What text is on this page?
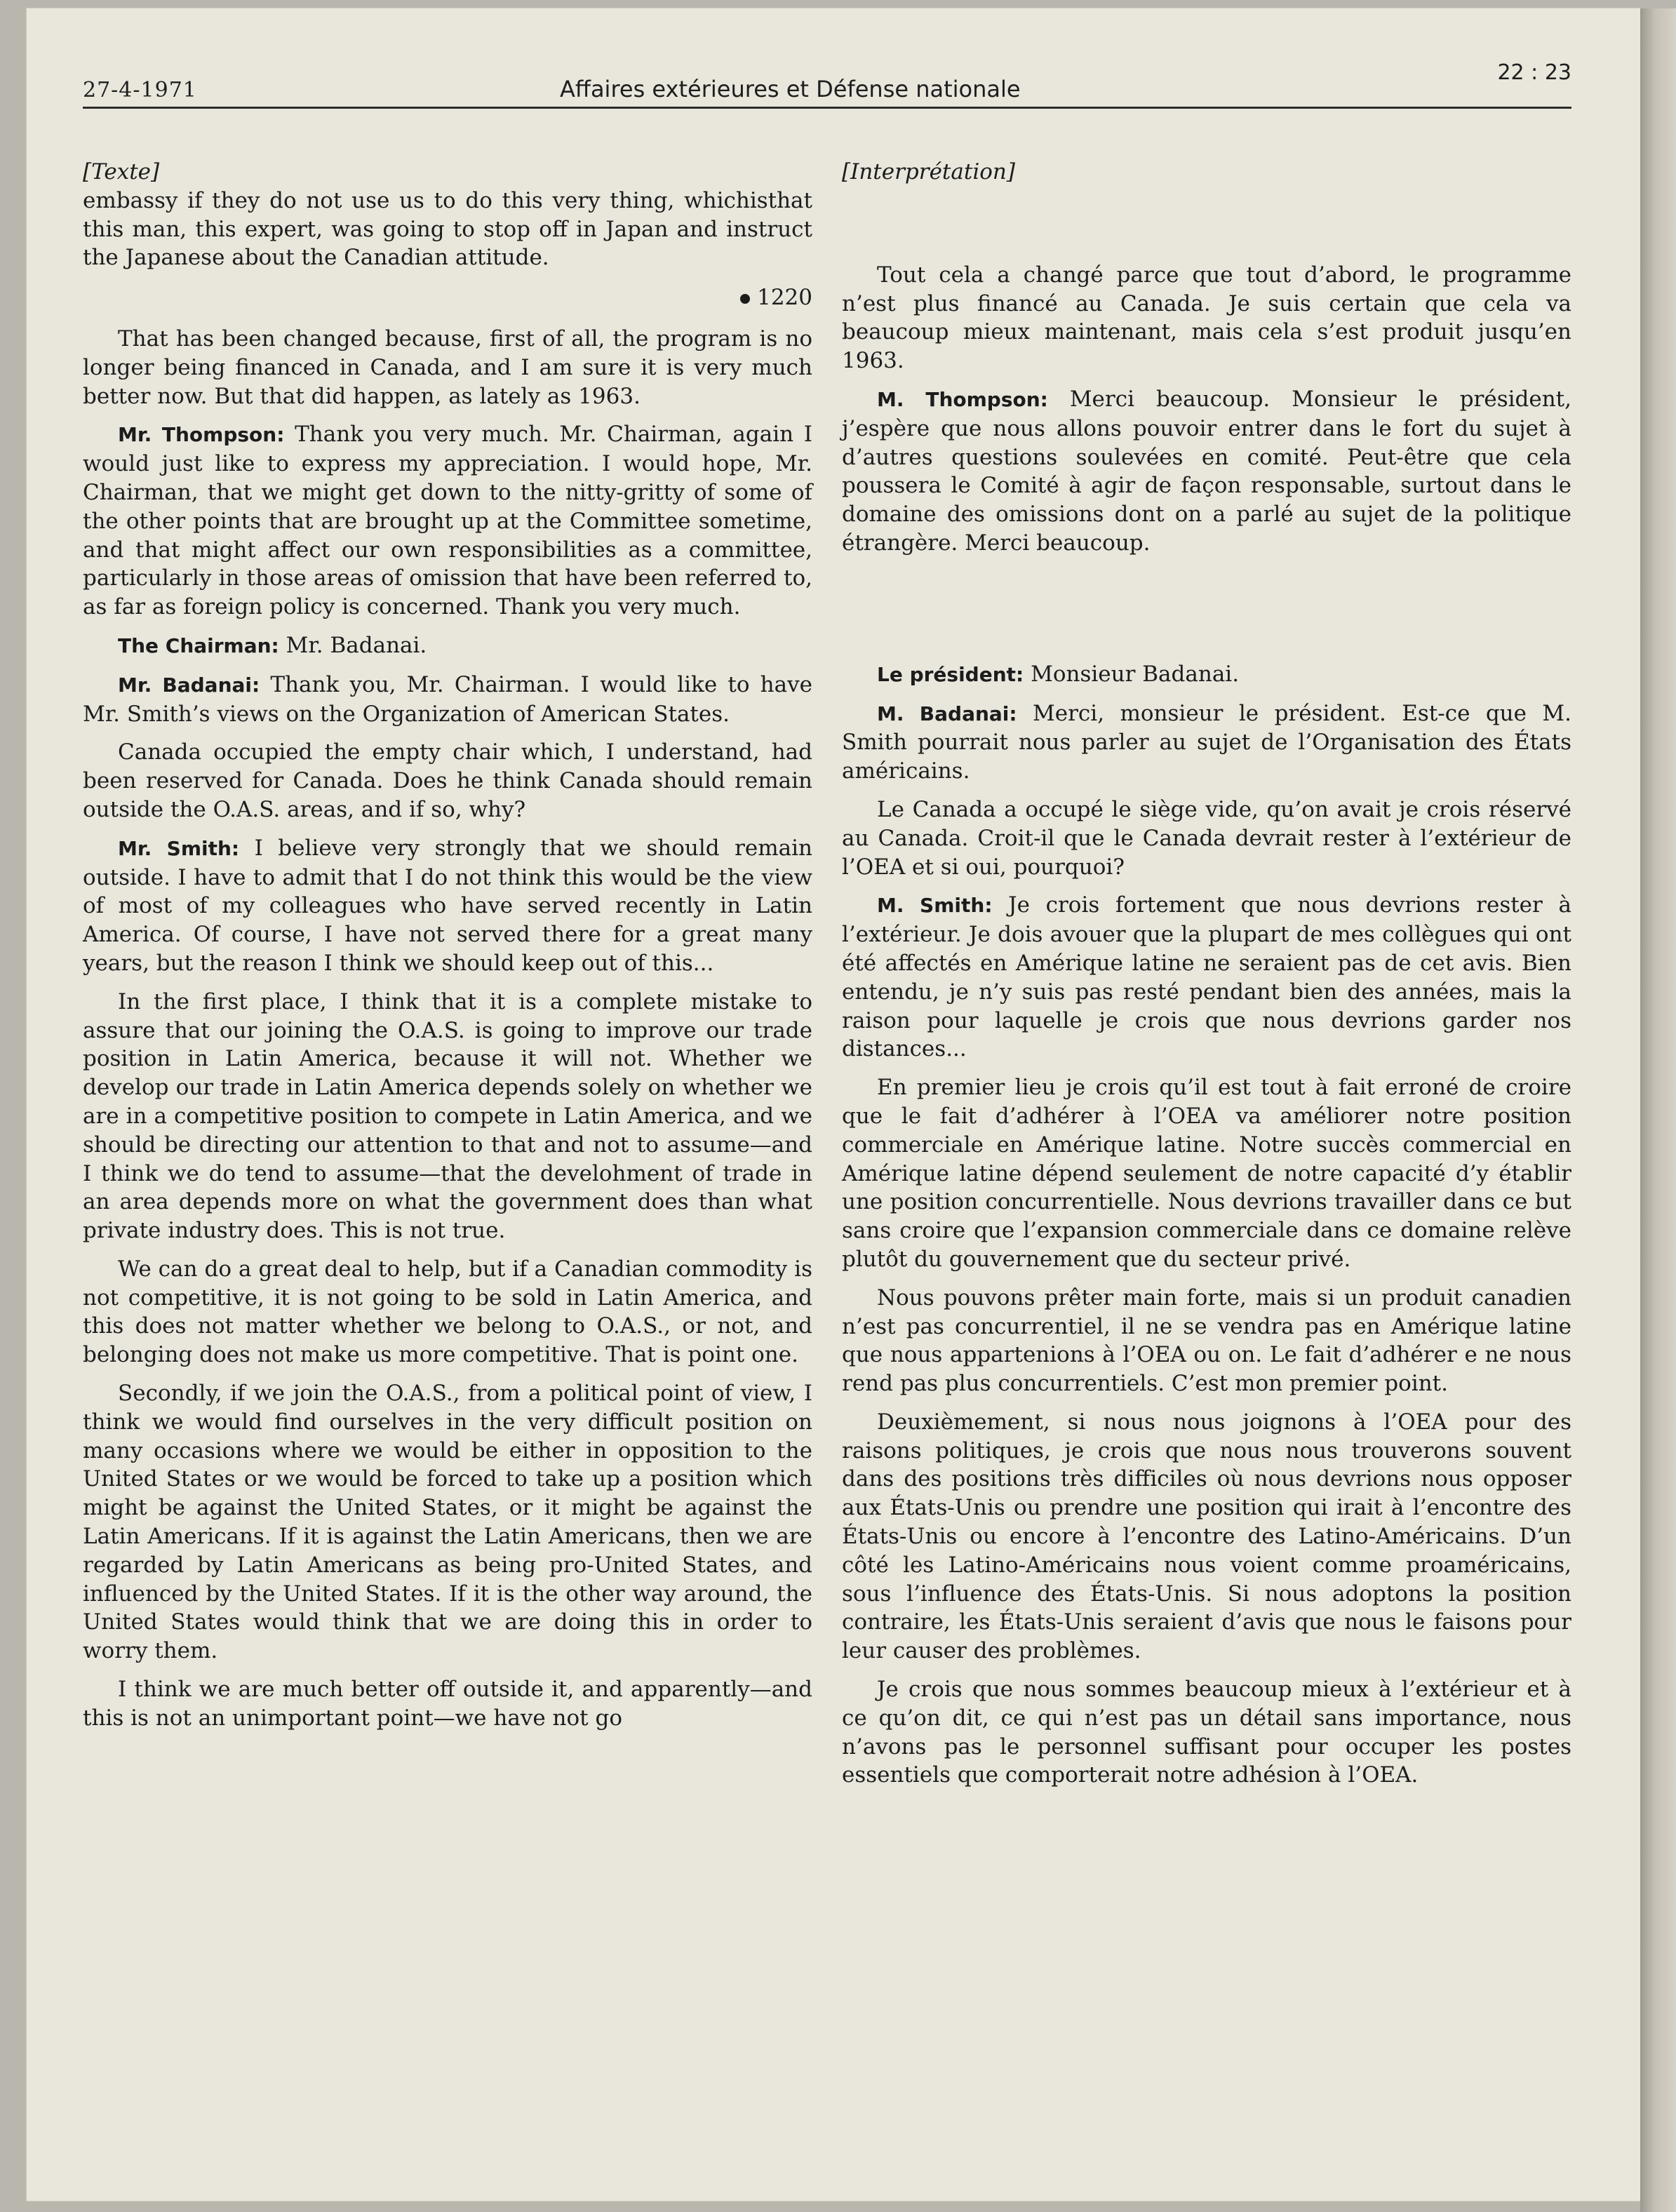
27-4-1971	Affaires extérieures et Défense nationale
22 : 23
[Texte]

embassy if they do not use us to do this very thing, whichisthat this man, this expert, was going to stop off in Japan and instruct the Japanese about the Canadian attitude.

1220

That has been changed because, first of all, the program is no longer being financed in Canada, and I am sure it is very much better now. But that did happen, as lately as 1963.

Mr. Thompson: Thank you very much. Mr. Chairman, again I would just like to express my appreciation. I would hope, Mr. Chairman, that we might get down to the nitty-gritty of some of the other points that are brought up at the Committee sometime, and that might affect our own responsibilities as a committee, particularly in those areas of omission that have been referred to, as far as foreign policy is concerned. Thank you very much.

The Chairman: Mr. Badanai.

Mr. Badanai: Thank you, Mr. Chairman. I would like to have Mr. Smith’s views on the Organization of American States.

Canada occupied the empty chair which, I understand, had been reserved for Canada. Does he think Canada should remain outside the O.A.S. areas, and if so, why?

Mr. Smith: I believe very strongly that we should remain outside. I have to admit that I do not think this would be the view of most of my colleagues who have served recently in Latin America. Of course, I have not served there for a great many years, but the reason I think we should keep out of this...

In the first place, I think that it is a complete mistake to assure that our joining the O.A.S. is going to improve our trade position in Latin America, because it will not. Whether we develop our trade in Latin America depends solely on whether we are in a competitive position to compete in Latin America, and we should be directing our attention to that and not to assume—and I think we do tend to assume—that the develohment of trade in an area depends more on what the government does than what private industry does. This is not true.

We can do a great deal to help, but if a Canadian commodity is not competitive, it is not going to be sold in Latin America, and this does not matter whether we belong to O.A.S., or not, and belonging does not make us more competitive. That is point one.

Secondly, if we join the O.A.S., from a political point of view, I think we would find ourselves in the very difficult position on many occasions where we would be either in opposition to the United States or we would be forced to take up a position which might be against the United States, or it might be against the Latin Americans. If it is against the Latin Americans, then we are regarded by Latin Americans as being pro-United States, and influenced by the United States. If it is the other way around, the United States would think that we are doing this in order to worry them.

I think we are much better off outside it, and apparently—and this is not an unimportant point—we have not go

[Interprétation]

Tout cela a changé parce que tout d’abord, le programme n’est plus financé au Canada. Je suis certain que cela va beaucoup mieux maintenant, mais cela s’est produit jusqu’en 1963.

M. Thompson: Merci beaucoup. Monsieur le président, j’espère que nous allons pouvoir entrer dans le fort du sujet à d’autres questions soulevées en comité. Peut-être que cela poussera le Comité à agir de façon responsable, surtout dans le domaine des omissions dont on a parlé au sujet de la politique étrangère. Merci beaucoup.

Le président: Monsieur Badanai.

M. Badanai: Merci, monsieur le président. Est-ce que M. Smith pourrait nous parler au sujet de l’Organisation des États américains.

Le Canada a occupé le siège vide, qu’on avait je crois réservé au Canada. Croit-il que le Canada devrait rester à l’extérieur de l’OEA et si oui, pourquoi?

M. Smith: Je crois fortement que nous devrions rester à l’extérieur. Je dois avouer que la plupart de mes collègues qui ont été affectés en Amérique latine ne seraient pas de cet avis. Bien entendu, je n’y suis pas resté pendant bien des années, mais la raison pour laquelle je crois que nous devrions garder nos distances...

En premier lieu je crois qu’il est tout à fait erroné de croire que le fait d’adhérer à l’OEA va améliorer notre position commerciale en Amérique latine. Notre succès commercial en Amérique latine dépend seulement de notre capacité d’y établir une position concurrentielle. Nous devrions travailler dans ce but sans croire que l’expansion commerciale dans ce domaine relève plutôt du gouvernement que du secteur privé.

Nous pouvons prêter main forte, mais si un produit canadien n’est pas concurrentiel, il ne se vendra pas en Amérique latine que nous appartenions à l’OEA ou on. Le fait d’adhérer e ne nous rend pas plus concurrentiels. C’est mon premier point.

Deuxièmement, si nous nous joignons à l’OEA pour des raisons politiques, je crois que nous nous trouverons souvent dans des positions très difficiles où nous devrions nous opposer aux États-Unis ou prendre une position qui irait à l’encontre des États-Unis ou encore à l’encontre des Latino-Américains. D’un côté les Latino-Américains nous voient comme proaméricains, sous l’influence des États-Unis. Si nous adoptons la position contraire, les États-Unis seraient d’avis que nous le faisons pour leur causer des problèmes.

Je crois que nous sommes beaucoup mieux à l’extérieur et à ce qu’on dit, ce qui n’est pas un détail sans importance, nous n’avons pas le personnel suffisant pour occuper les postes essentiels que comporterait notre adhésion à l’OEA.
